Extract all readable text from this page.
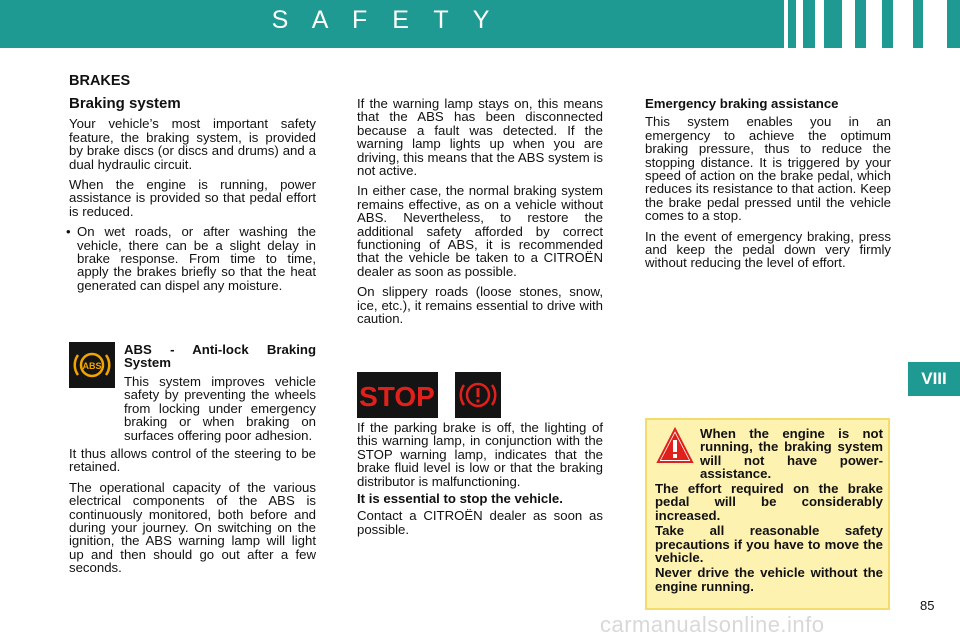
S A F E T Y
VIII
BRAKES

Braking system

Your vehicle’s most important safety feature, the braking system, is provided by brake discs (or discs and drums) and a dual hydraulic circuit.

When the engine is running, power assistance is provided so that pedal effort is reduced.

• On wet roads, or after washing the vehicle, there can be a slight delay in brake response. From time to time, apply the brakes briefly so that the heat generated can dispel any moisture.

ABS

ABS - Anti-lock Braking System

This system improves vehicle safety by preventing the wheels from locking under emergency braking or when braking on surfaces offering poor adhesion.

It thus allows control of the steering to be retained.

The operational capacity of the various electrical components of the ABS is continuously monitored, both before and during your journey. On switching on the ignition, the ABS warning lamp will light up and then should go out after a few seconds.

If the warning lamp stays on, this means that the ABS has been disconnected because a fault was detected. If the warning lamp lights up when you are driving, this means that the ABS system is not active.

In either case, the normal braking system remains effective, as on a vehicle without ABS. Nevertheless, to restore the additional safety afforded by correct functioning of ABS, it is recommended that the vehicle be taken to a CITROËN dealer as soon as possible.

On slippery roads (loose stones, snow, ice, etc.), it remains essential to drive with caution.

STOP

If the parking brake is off, the lighting of this warning lamp, in conjunction with the STOP warning lamp, indicates that the brake fluid level is low or that the braking distributor is malfunctioning.

It is essential to stop the vehicle.

Contact a CITROËN dealer as soon as possible.

Emergency braking assistance

This system enables you in an emergency to achieve the optimum braking pressure, thus to reduce the stopping distance. It is triggered by your speed of action on the brake pedal, which reduces its resistance to that action. Keep the brake pedal pressed until the vehicle comes to a stop.

In the event of emergency braking, press and keep the pedal down very firmly without reducing the level of effort.

When the engine is not running, the braking system will not have power-assistance.

The effort required on the brake pedal will be considerably increased.

Take all reasonable safety precautions if you have to move the vehicle.

Never drive the vehicle without the engine running.

85
carmanualsonline.info
